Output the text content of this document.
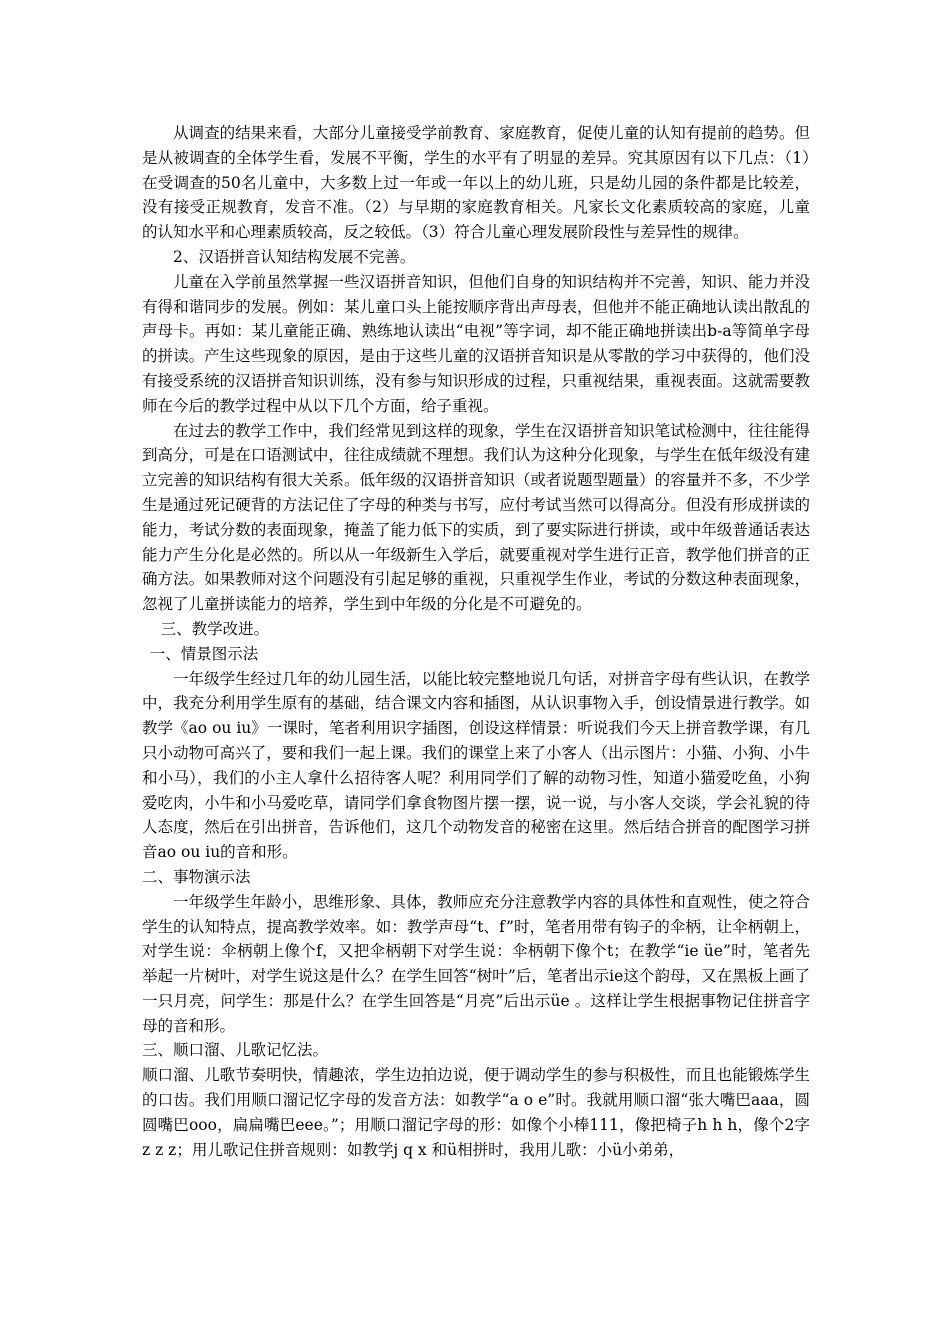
从调查的结果来看，大部分儿童接受学前教育、家庭教育，促使儿童的认知有提前的趋势。但是从被调查的全体学生看，发展不平衡，学生的水平有了明显的差异。究其原因有以下几点：（1）在受调查的50名儿童中，大多数上过一年或一年以上的幼儿班，只是幼儿园的条件都是比较差，没有接受正规教育，发音不准。（2）与早期的家庭教育相关。凡家长文化素质较高的家庭，儿童的认知水平和心理素质较高，反之较低。（3）符合儿童心理发展阶段性与差异性的规律。

2、汉语拼音认知结构发展不完善。

儿童在入学前虽然掌握一些汉语拼音知识，但他们自身的知识结构并不完善，知识、能力并没有得和谐同步的发展。例如：某儿童口头上能按顺序背出声母表，但他并不能正确地认读出散乱的声母卡。再如：某儿童能正确、熟练地认读出“电视”等字词，却不能正确地拼读出b-a等简单字母的拼读。产生这些现象的原因，是由于这些儿童的汉语拼音知识是从零散的学习中获得的，他们没有接受系统的汉语拼音知识训练，没有参与知识形成的过程，只重视结果，重视表面。这就需要教师在今后的教学过程中从以下几个方面，给子重视。

在过去的教学工作中，我们经常见到这样的现象，学生在汉语拼音知识笔试检测中，往往能得到高分，可是在口语测试中，往往成绩就不理想。我们认为这种分化现象，与学生在低年级没有建立完善的知识结构有很大关系。低年级的汉语拼音知识（或者说题型题量）的容量并不多，不少学生是通过死记硬背的方法记住了字母的种类与书写，应付考试当然可以得高分。但没有形成拼读的能力，考试分数的表面现象，掩盖了能力低下的实质，到了要实际进行拼读，或中年级普通话表达能力产生分化是必然的。所以从一年级新生入学后，就要重视对学生进行正音，教学他们拼音的正确方法。如果教师对这个问题没有引起足够的重视，只重视学生作业，考试的分数这种表面现象，忽视了儿童拼读能力的培养，学生到中年级的分化是不可避免的。

三、教学改进。

一、情景图示法

一年级学生经过几年的幼儿园生活，以能比较完整地说几句话，对拼音字母有些认识，在教学中，我充分利用学生原有的基础，结合课文内容和插图，从认识事物入手，创设情景进行教学。如教学《ao ou iu》一课时，笔者利用识字插图，创设这样情景：听说我们今天上拼音教学课，有几只小动物可高兴了，要和我们一起上课。我们的课堂上来了小客人（出示图片：小猫、小狗、小牛和小马），我们的小主人拿什么招待客人呢？利用同学们了解的动物习性，知道小猫爱吃鱼，小狗爱吃肉，小牛和小马爱吃草，请同学们拿食物图片摆一摆，说一说，与小客人交谈，学会礼貌的待人态度，然后在引出拼音，告诉他们，这几个动物发音的秘密在这里。然后结合拼音的配图学习拼音ao ou iu的音和形。

二、事物演示法

一年级学生年龄小，思维形象、具体，教师应充分注意教学内容的具体性和直观性，使之符合学生的认知特点，提高教学效率。如：教学声母“t、f”时，笔者用带有钩子的伞柄，让伞柄朝上，对学生说：伞柄朝上像个f，又把伞柄朝下对学生说：伞柄朝下像个t；在教学“ie üe”时，笔者先举起一片树叶，对学生说这是什么？在学生回答“树叶”后，笔者出示ie这个韵母，又在黑板上画了一只月亮，问学生：那是什么？在学生回答是“月亮”后出示üe 。这样让学生根据事物记住拼音字母的音和形。

三、顺口溜、儿歌记忆法。

顺口溜、儿歌节奏明快，情趣浓，学生边拍边说，便于调动学生的参与积极性，而且也能锻炼学生的口齿。我们用顺口溜记忆字母的发音方法：如教学“a o e”时。我就用顺口溜“张大嘴巴aaa，圆圆嘴巴ooo，扁扁嘴巴eee。”；用顺口溜记字母的形：如像个小棒111，像把椅子h h h，像个2字z z z；用儿歌记住拼音规则：如教学j q x 和ü相拼时，我用儿歌：小ü小弟弟，
